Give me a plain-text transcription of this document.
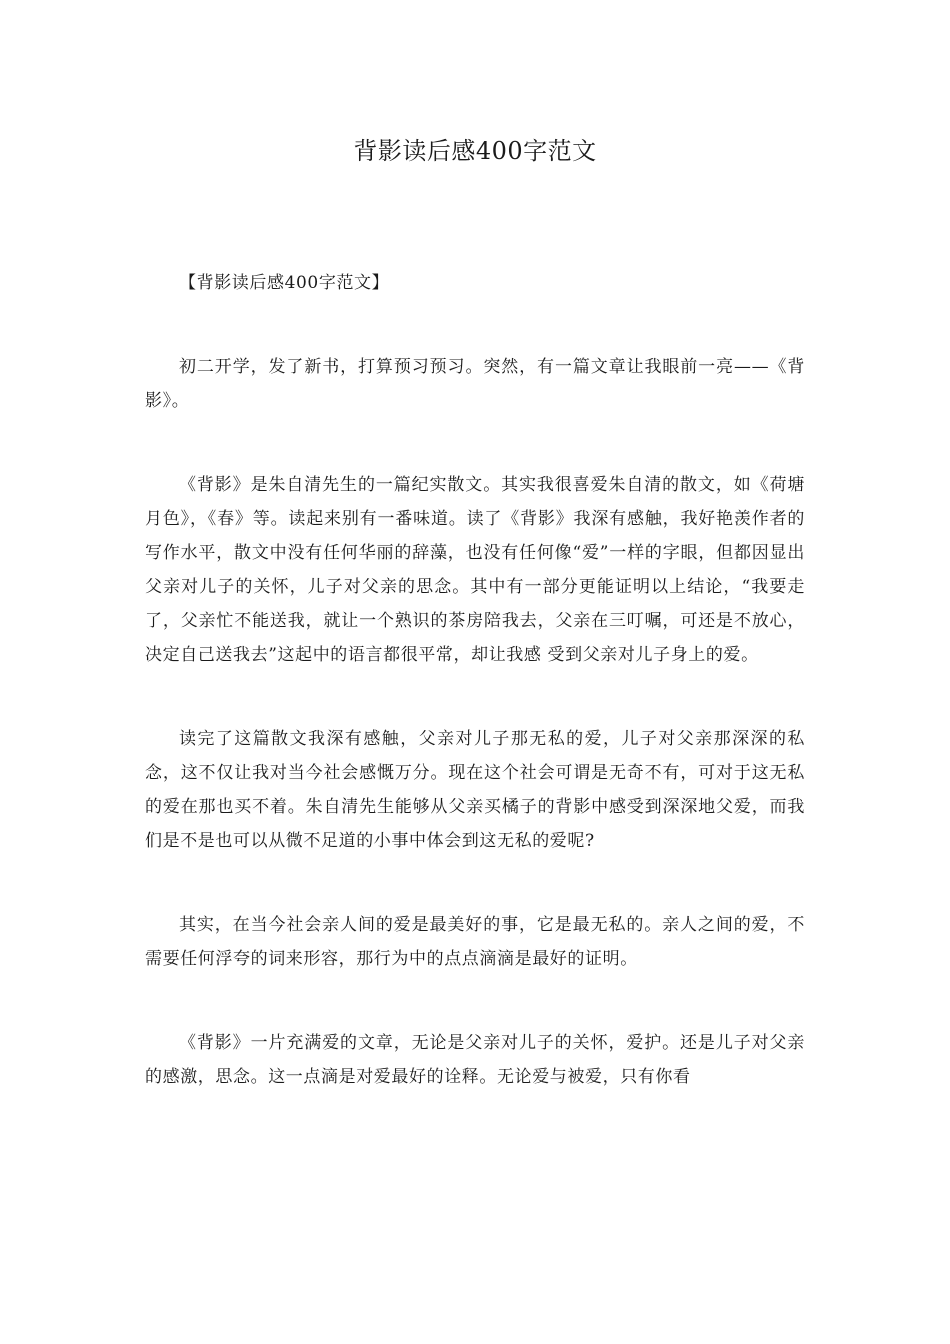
背影读后感400字范文

【背影读后感400字范文】

初二开学，发了新书，打算预习预习。突然，有一篇文章让我眼前一亮——《背影》。

《背影》是朱自清先生的一篇纪实散文。其实我很喜爱朱自清的散文，如《荷塘月色》，《春》等。读起来别有一番味道。读了《背影》我深有感触，我好艳羡作者的写作水平，散文中没有任何华丽的辞藻，也没有任何像“爱”一样的字眼，但都因显出父亲对儿子的关怀，儿子对父亲的思念。其中有一部分更能证明以上结论，“我要走了，父亲忙不能送我，就让一个熟识的茶房陪我去，父亲在三叮嘱，可还是不放心，决定自己送我去”这起中的语言都很平常，却让我感 受到父亲对儿子身上的爱。

读完了这篇散文我深有感触，父亲对儿子那无私的爱，儿子对父亲那深深的私念，这不仅让我对当今社会感慨万分。现在这个社会可谓是无奇不有，可对于这无私的爱在那也买不着。朱自清先生能够从父亲买橘子的背影中感受到深深地父爱，而我们是不是也可以从微不足道的小事中体会到这无私的爱呢?

其实，在当今社会亲人间的爱是最美好的事，它是最无私的。亲人之间的爱，不需要任何浮夸的词来形容，那行为中的点点滴滴是最好的证明。

《背影》一片充满爱的文章，无论是父亲对儿子的关怀，爱护。还是儿子对父亲的感激，思念。这一点滴是对爱最好的诠释。无论爱与被爱，只有你看
